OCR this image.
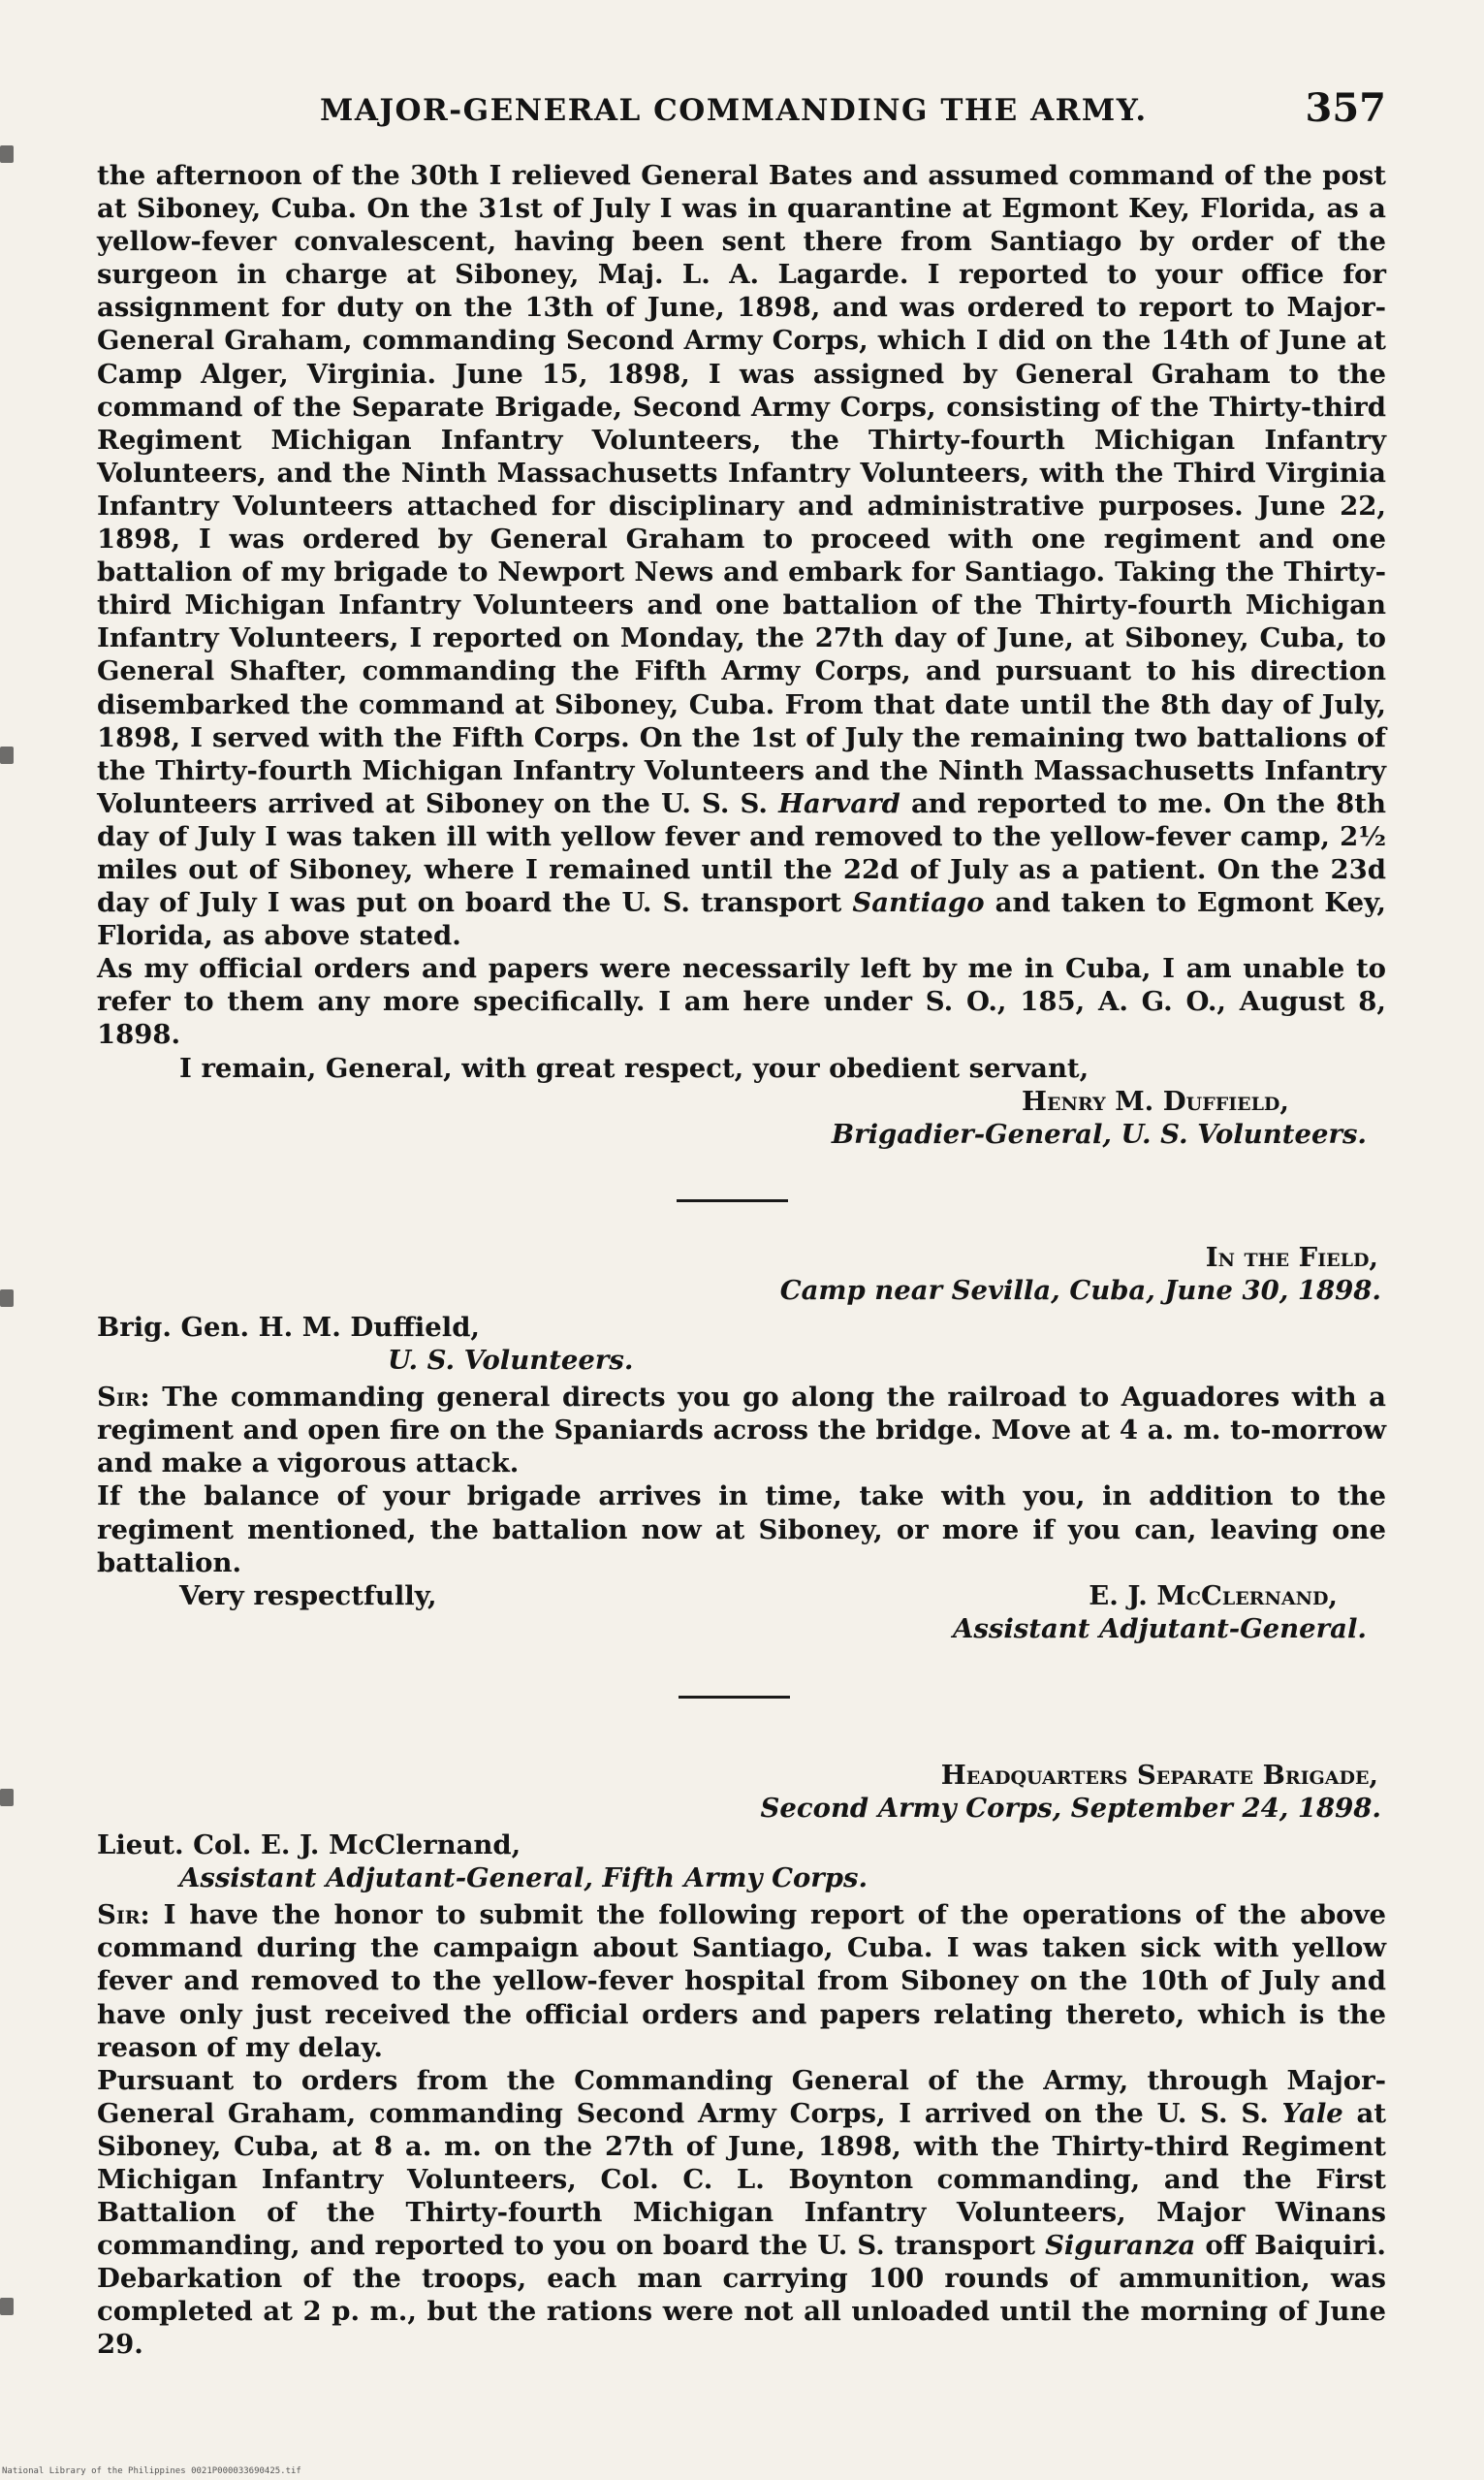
MAJOR-GENERAL COMMANDING THE ARMY.	357

the afternoon of the 30th I relieved General Bates and assumed command of the post at Siboney, Cuba. On the 31st of July I was in quarantine at Egmont Key, Florida, as a yellow-fever convalescent, having been sent there from Santiago by order of the surgeon in charge at Siboney, Maj. L. A. Lagarde. I reported to your office for assignment for duty on the 13th of June, 1898, and was ordered to report to Major-General Graham, commanding Second Army Corps, which I did on the 14th of June at Camp Alger, Virginia. June 15, 1898, I was assigned by General Graham to the command of the Separate Brigade, Second Army Corps, consisting of the Thirty-third Regiment Michigan Infantry Volunteers, the Thirty-fourth Michigan Infantry Volunteers, and the Ninth Massachusetts Infantry Volunteers, with the Third Virginia Infantry Volunteers attached for disciplinary and administrative purposes. June 22, 1898, I was ordered by General Graham to proceed with one regiment and one battalion of my brigade to Newport News and embark for Santiago. Taking the Thirty-third Michigan Infantry Volunteers and one battalion of the Thirty-fourth Michigan Infantry Volunteers, I reported on Monday, the 27th day of June, at Siboney, Cuba, to General Shafter, commanding the Fifth Army Corps, and pursuant to his direction disembarked the command at Siboney, Cuba. From that date until the 8th day of July, 1898, I served with the Fifth Corps. On the 1st of July the remaining two battalions of the Thirty-fourth Michigan Infantry Volunteers and the Ninth Massachusetts Infantry Volunteers arrived at Siboney on the U. S. S. Harvard and reported to me. On the 8th day of July I was taken ill with yellow fever and removed to the yellow-fever camp, 2½ miles out of Siboney, where I remained until the 22d of July as a patient. On the 23d day of July I was put on board the U. S. transport Santiago and taken to Egmont Key, Florida, as above stated.

As my official orders and papers were necessarily left by me in Cuba, I am unable to refer to them any more specifically. I am here under S. O., 185, A. G. O., August 8, 1898.

I remain, General, with great respect, your obedient servant,
Henry M. Duffield,
Brigadier-General, U. S. Volunteers.
In the Field,
Camp near Sevilla, Cuba, June 30, 1898.
Brig. Gen. H. M. Duffield,
U. S. Volunteers.

Sir: The commanding general directs you go along the railroad to Aguadores with a regiment and open fire on the Spaniards across the bridge. Move at 4 a. m. to-morrow and make a vigorous attack.

If the balance of your brigade arrives in time, take with you, in addition to the regiment mentioned, the battalion now at Siboney, or more if you can, leaving one battalion.

Very respectfully,	E. J. McClernand,
Assistant Adjutant-General.
Headquarters Separate Brigade,
Second Army Corps, September 24, 1898.
Lieut. Col. E. J. McClernand,
Assistant Adjutant-General, Fifth Army Corps.

Sir: I have the honor to submit the following report of the operations of the above command during the campaign about Santiago, Cuba. I was taken sick with yellow fever and removed to the yellow-fever hospital from Siboney on the 10th of July and have only just received the official orders and papers relating thereto, which is the reason of my delay.

Pursuant to orders from the Commanding General of the Army, through Major-General Graham, commanding Second Army Corps, I arrived on the U. S. S. Yale at Siboney, Cuba, at 8 a. m. on the 27th of June, 1898, with the Thirty-third Regiment Michigan Infantry Volunteers, Col. C. L. Boynton commanding, and the First Battalion of the Thirty-fourth Michigan Infantry Volunteers, Major Winans commanding, and reported to you on board the U. S. transport Siguranza off Baiquiri. Debarkation of the troops, each man carrying 100 rounds of ammunition, was completed at 2 p. m., but the rations were not all unloaded until the morning of June 29.

National Library of the Philippines 0021P000033690425.tif
